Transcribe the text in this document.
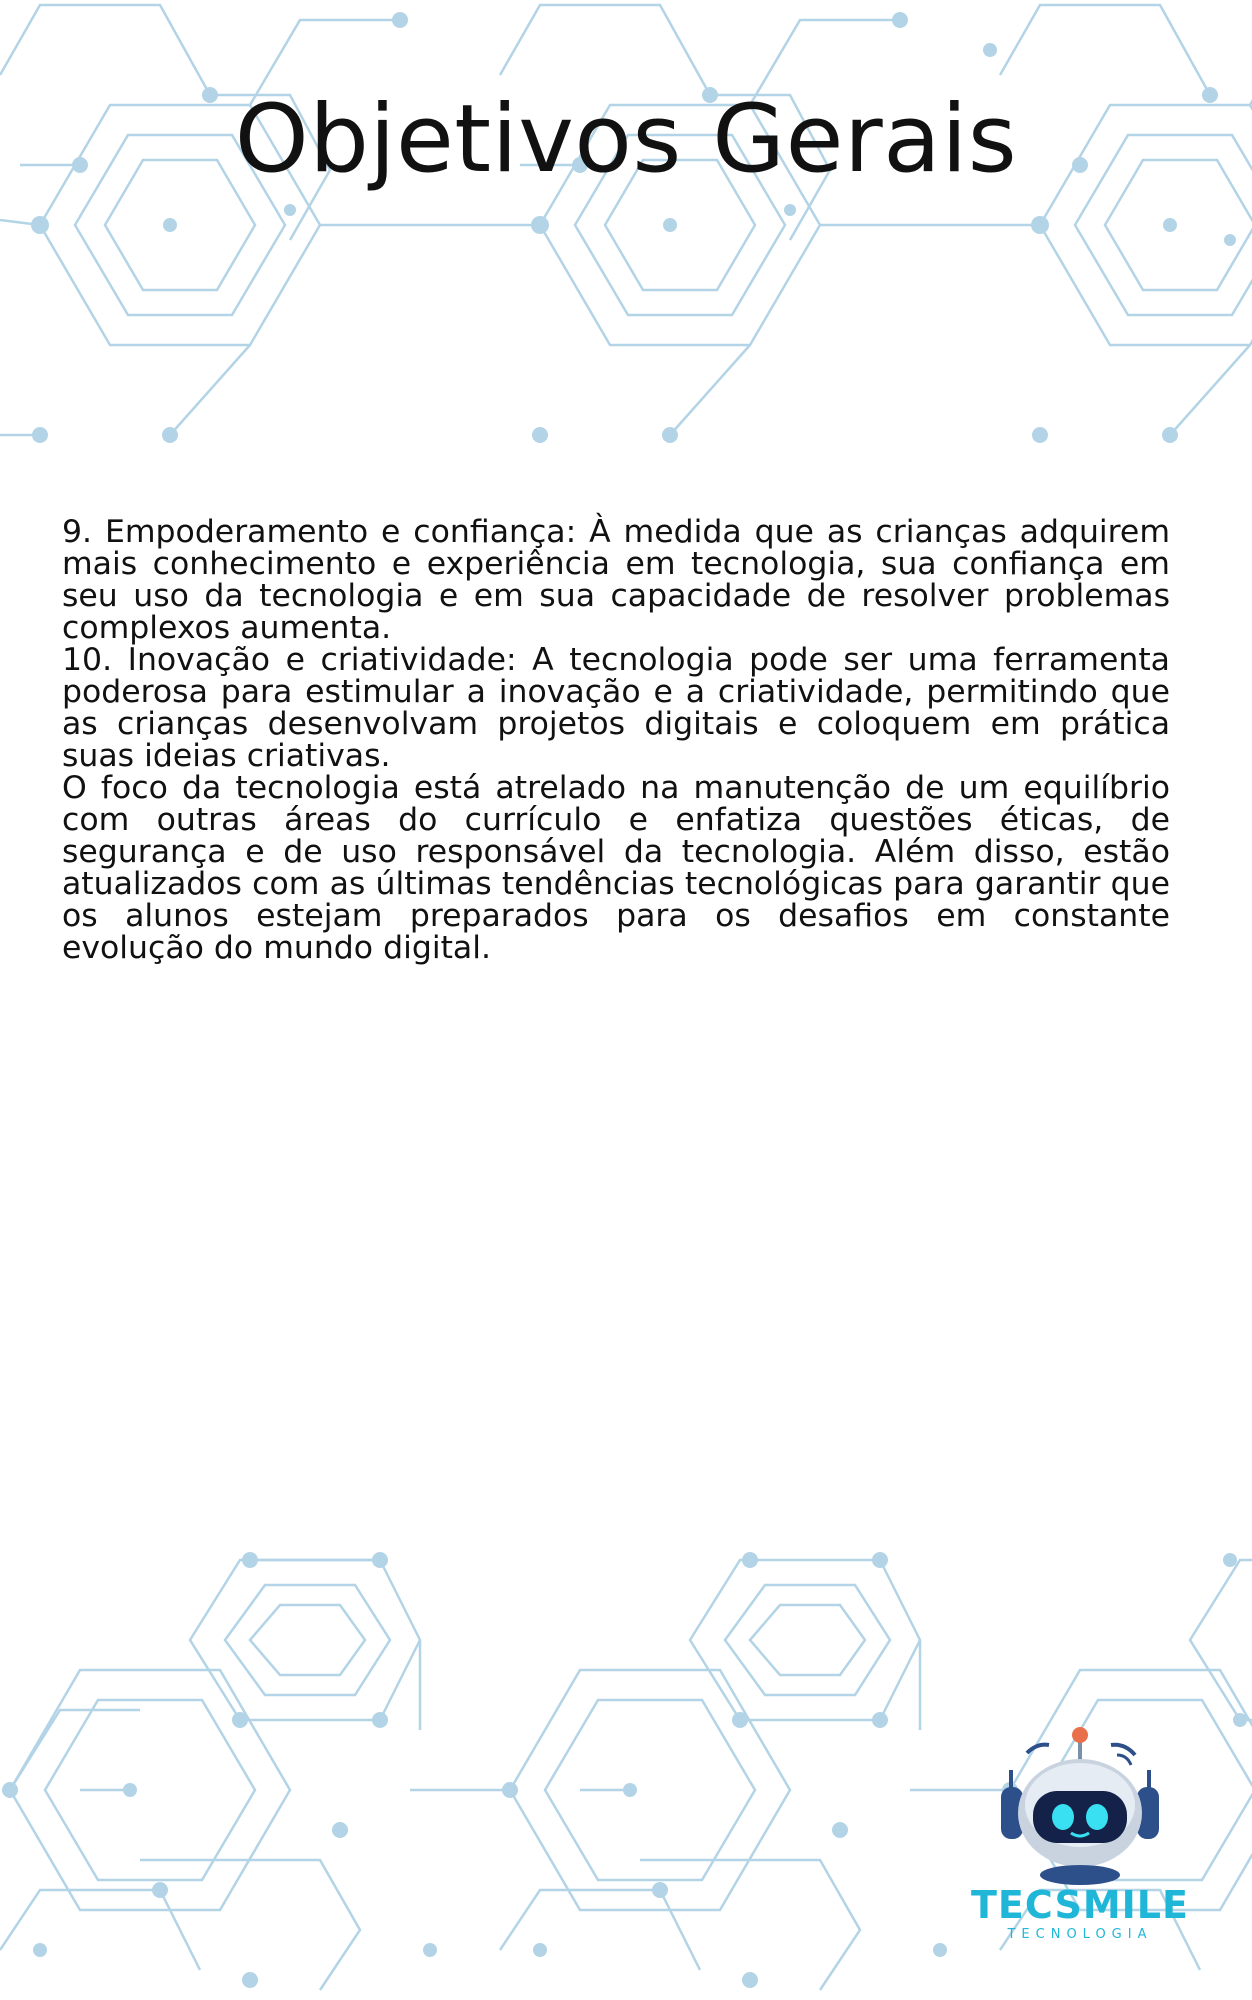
Objetivos Gerais

9. Empoderamento e confiança: À medida que as crianças adquirem mais conhecimento e experiência em tecnologia, sua confiança em seu uso da tecnologia e em sua capacidade de resolver problemas complexos aumenta.

10. Inovação e criatividade: A tecnologia pode ser uma ferramenta poderosa para estimular a inovação e a criatividade, permitindo que as crianças desenvolvam projetos digitais e coloquem em prática suas ideias criativas.

O foco da tecnologia está atrelado na manutenção de um equilíbrio com outras áreas do currículo e enfatiza questões éticas, de segurança e de uso responsável da tecnologia. Além disso, estão atualizados com as últimas tendências tecnológicas para garantir que os alunos estejam preparados para os desafios em constante evolução do mundo digital.

TECSMILE
TECNOLOGIA
